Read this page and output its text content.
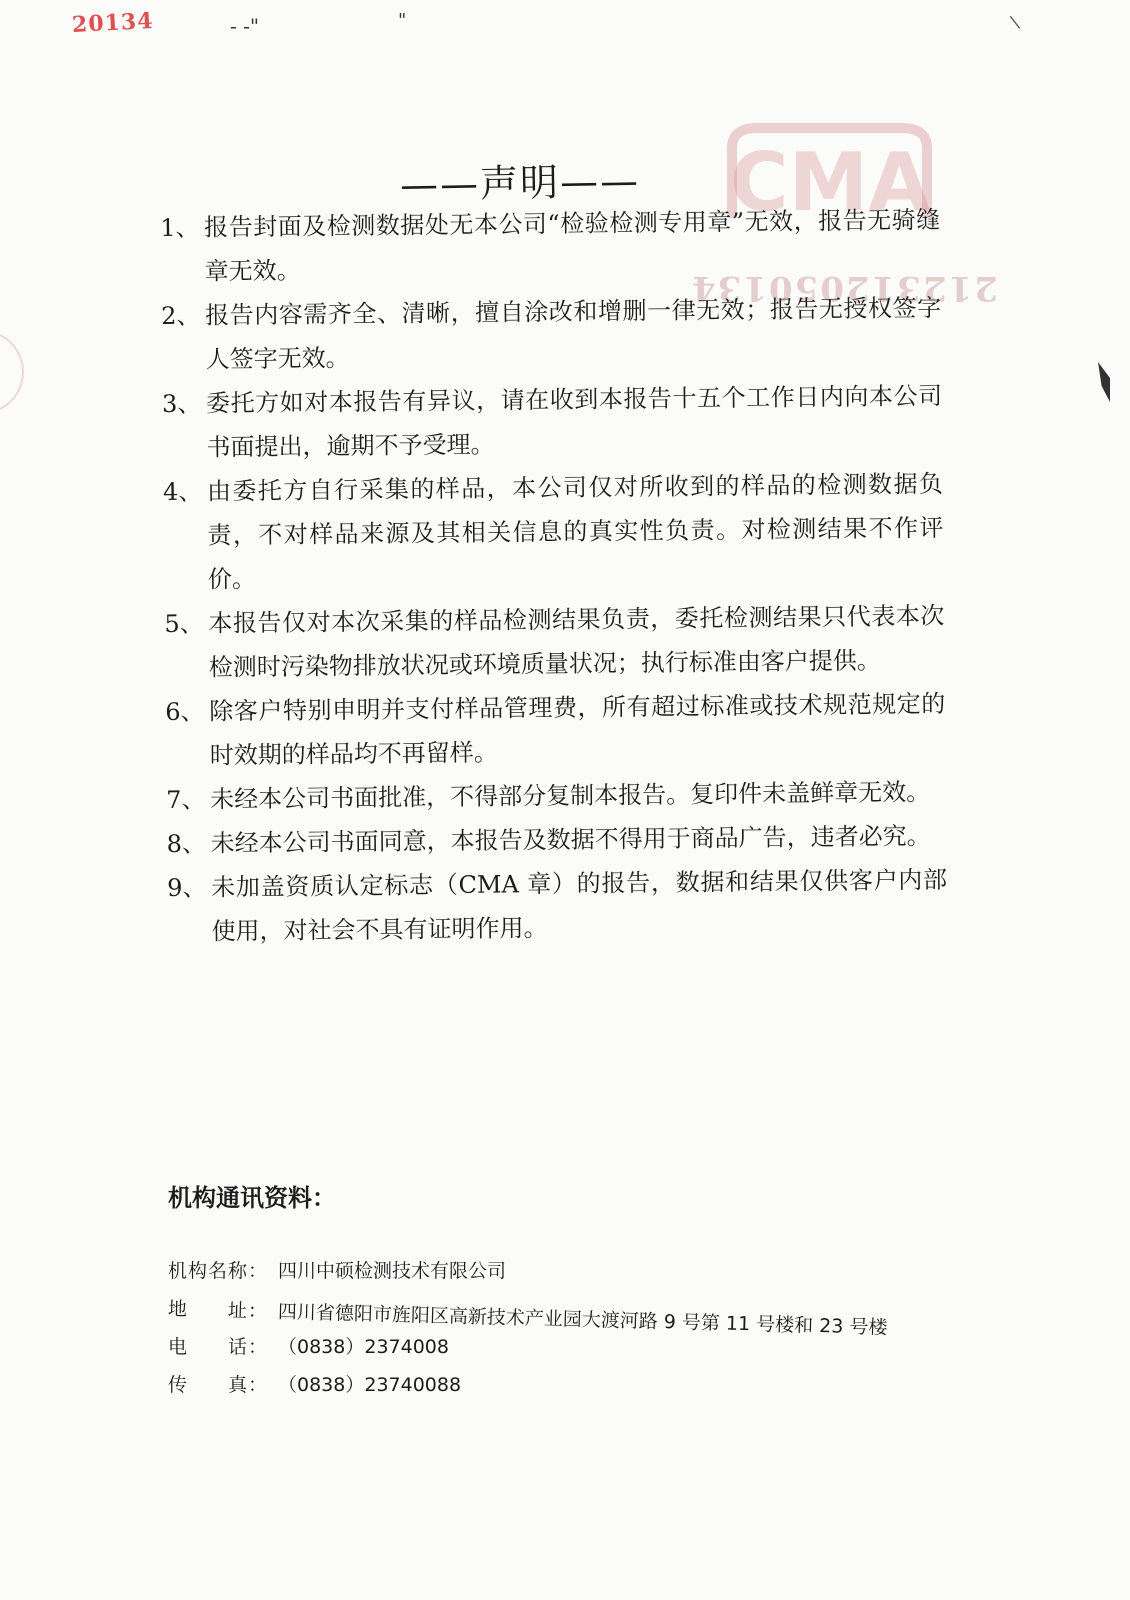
20134	- -"	"	\
CMA
212312050134
——声明——
1、 报告封面及检测数据处无本公司“检验检测专用章”无效，报告无骑缝章无效。
2、 报告内容需齐全、清晰，擅自涂改和增删一律无效；报告无授权签字人签字无效。
3、 委托方如对本报告有异议，请在收到本报告十五个工作日内向本公司书面提出，逾期不予受理。
4、 由委托方自行采集的样品，本公司仅对所收到的样品的检测数据负责，不对样品来源及其相关信息的真实性负责。对检测结果不作评价。
5、 本报告仅对本次采集的样品检测结果负责，委托检测结果只代表本次检测时污染物排放状况或环境质量状况；执行标准由客户提供。
6、 除客户特别申明并支付样品管理费，所有超过标准或技术规范规定的时效期的样品均不再留样。
7、 未经本公司书面批准，不得部分复制本报告。复印件未盖鲜章无效。
8、 未经本公司书面同意，本报告及数据不得用于商品广告，违者必究。
9、 未加盖资质认定标志（CMA 章）的报告，数据和结果仅供客户内部使用，对社会不具有证明作用。
机构通讯资料：
机构名称： 四川中硕检测技术有限公司
地　　址： 四川省德阳市旌阳区高新技术产业园大渡河路 9 号第 11 号楼和 23 号楼
电　　话： （0838）2374008
传　　真： （0838）23740088
